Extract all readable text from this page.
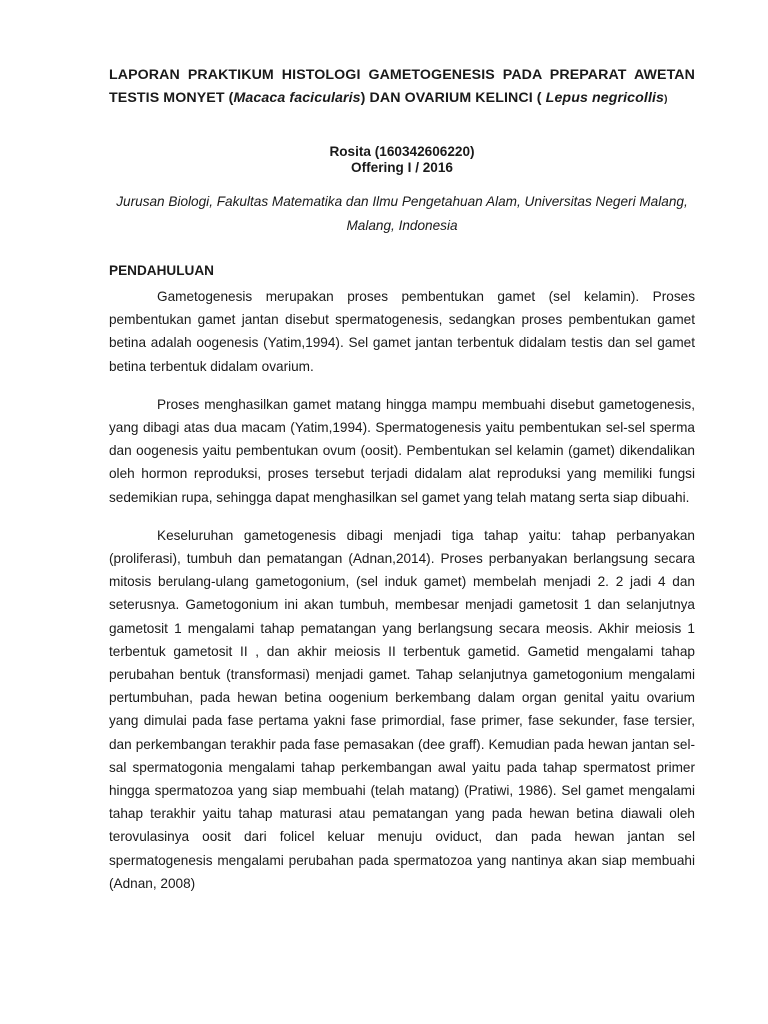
LAPORAN PRAKTIKUM HISTOLOGI GAMETOGENESIS PADA PREPARAT AWETAN
TESTIS MONYET (Macaca facicularis) DAN OVARIUM KELINCI ( Lepus negricollis)
Rosita (160342606220)
Offering I / 2016
Jurusan Biologi, Fakultas Matematika dan Ilmu Pengetahuan Alam, Universitas Negeri Malang,
Malang, Indonesia
PENDAHULUAN

Gametogenesis merupakan proses pembentukan gamet (sel kelamin). Proses pembentukan gamet jantan disebut spermatogenesis, sedangkan proses pembentukan gamet betina adalah oogenesis (Yatim,1994). Sel gamet jantan terbentuk didalam testis dan sel gamet betina terbentuk didalam ovarium.

Proses menghasilkan gamet matang hingga mampu membuahi disebut gametogenesis, yang dibagi atas dua macam (Yatim,1994). Spermatogenesis yaitu pembentukan sel-sel sperma dan oogenesis yaitu pembentukan ovum (oosit). Pembentukan sel kelamin (gamet) dikendalikan oleh hormon reproduksi, proses tersebut terjadi didalam alat reproduksi yang memiliki fungsi sedemikian rupa, sehingga dapat menghasilkan sel gamet yang telah matang serta siap dibuahi.

Keseluruhan gametogenesis dibagi menjadi tiga tahap yaitu: tahap perbanyakan (proliferasi), tumbuh dan pematangan (Adnan,2014). Proses perbanyakan berlangsung secara mitosis berulang-ulang gametogonium, (sel induk gamet) membelah menjadi 2. 2 jadi 4 dan seterusnya. Gametogonium ini akan tumbuh, membesar menjadi gametosit 1 dan selanjutnya gametosit 1 mengalami tahap pematangan yang berlangsung secara meosis. Akhir meiosis 1 terbentuk gametosit II , dan akhir meiosis II terbentuk gametid. Gametid mengalami tahap perubahan bentuk (transformasi) menjadi gamet. Tahap selanjutnya gametogonium mengalami pertumbuhan, pada hewan betina oogenium berkembang dalam organ genital yaitu ovarium yang dimulai pada fase pertama yakni fase primordial, fase primer, fase sekunder, fase tersier, dan perkembangan terakhir pada fase pemasakan (dee graff). Kemudian pada hewan jantan sel-sal spermatogonia mengalami tahap perkembangan awal yaitu pada tahap spermatost primer hingga spermatozoa yang siap membuahi (telah matang) (Pratiwi, 1986). Sel gamet mengalami tahap terakhir yaitu tahap maturasi atau pematangan yang pada hewan betina diawali oleh terovulasinya oosit dari folicel keluar menuju oviduct, dan pada hewan jantan sel spermatogenesis mengalami perubahan pada spermatozoa yang nantinya akan siap membuahi (Adnan, 2008)
